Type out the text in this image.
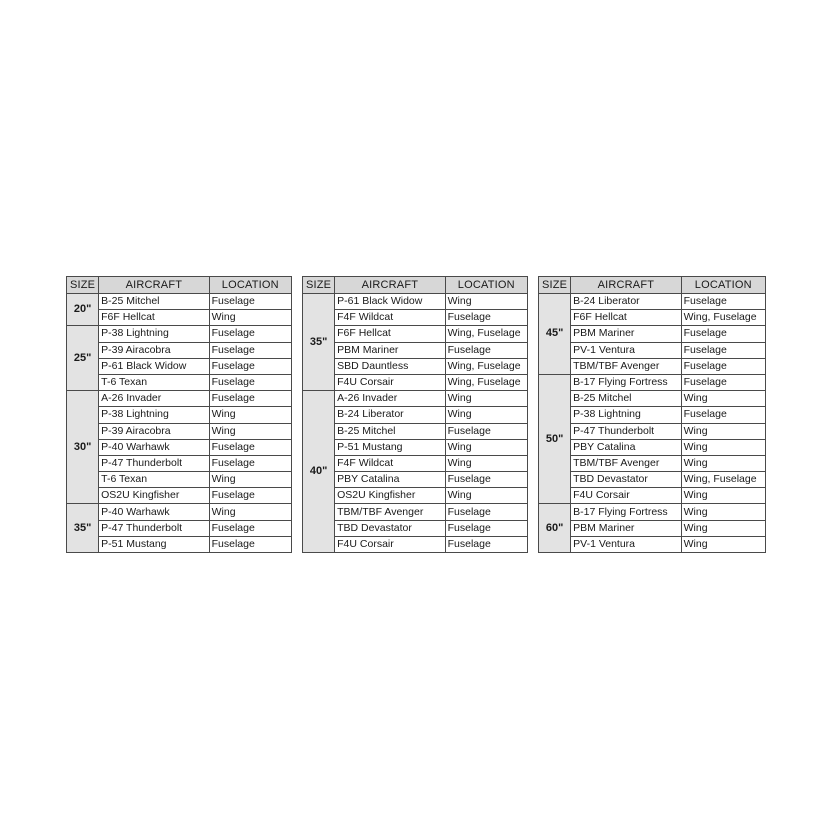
SIZE	AIRCRAFT	LOCATION
20"	B-25 Mitchel	Fuselage
	F6F Hellcat	Wing
25"	P-38 Lightning	Fuselage
	P-39 Airacobra	Fuselage
	P-61 Black Widow	Fuselage
	T-6 Texan	Fuselage
30"	A-26 Invader	Fuselage
	P-38 Lightning	Wing
	P-39 Airacobra	Wing
	P-40 Warhawk	Fuselage
	P-47 Thunderbolt	Fuselage
	T-6 Texan	Wing
	OS2U Kingfisher	Fuselage
35"	P-40 Warhawk	Wing
	P-47 Thunderbolt	Fuselage
	P-51 Mustang	Fuselage
SIZE	AIRCRAFT	LOCATION
35"	P-61 Black Widow	Wing
	F4F Wildcat	Fuselage
	F6F Hellcat	Wing, Fuselage
	PBM Mariner	Fuselage
	SBD Dauntless	Wing, Fuselage
	F4U Corsair	Wing, Fuselage
40"	A-26 Invader	Wing
	B-24 Liberator	Wing
	B-25 Mitchel	Fuselage
	P-51 Mustang	Wing
	F4F Wildcat	Wing
	PBY Catalina	Fuselage
	OS2U Kingfisher	Wing
	TBM/TBF Avenger	Fuselage
	TBD Devastator	Fuselage
	F4U Corsair	Fuselage
SIZE	AIRCRAFT	LOCATION
45"	B-24 Liberator	Fuselage
	F6F Hellcat	Wing, Fuselage
	PBM Mariner	Fuselage
	PV-1 Ventura	Fuselage
	TBM/TBF Avenger	Fuselage
50"	B-17 Flying Fortress	Fuselage
	B-25 Mitchel	Wing
	P-38 Lightning	Fuselage
	P-47 Thunderbolt	Wing
	PBY Catalina	Wing
	TBM/TBF Avenger	Wing
	TBD Devastator	Wing, Fuselage
	F4U Corsair	Wing
60"	B-17 Flying Fortress	Wing
	PBM Mariner	Wing
	PV-1 Ventura	Wing
